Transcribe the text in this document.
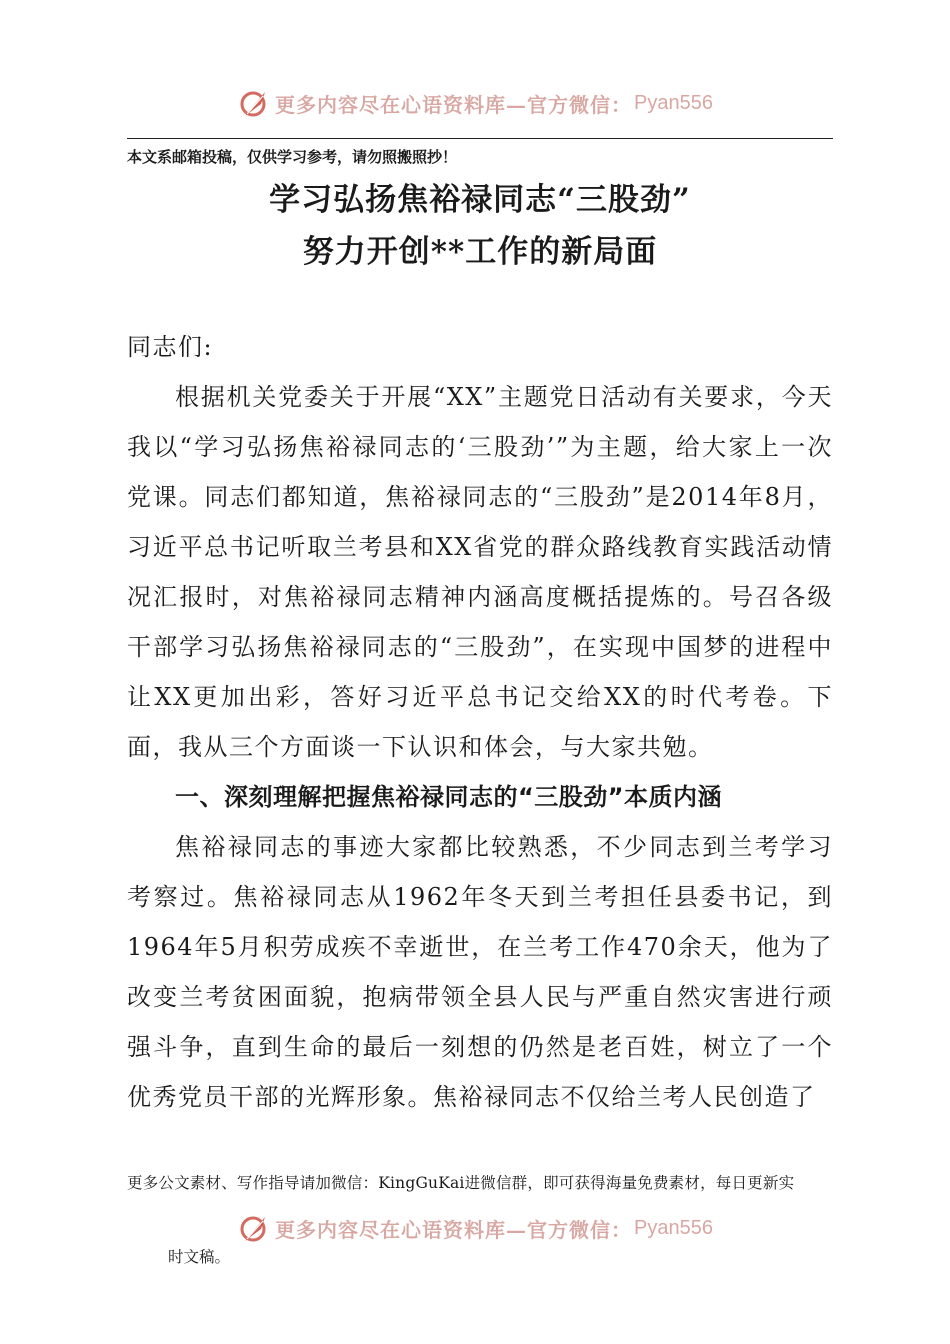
更多内容尽在心语资料库—官方微信： Pyan556
本文系邮箱投稿，仅供学习参考，请勿照搬照抄！
学习弘扬焦裕禄同志“三股劲”
努力开创**工作的新局面

同志们:

根据机关党委关于开展“XX”主题党日活动有关要求，今天我以“学习弘扬焦裕禄同志的‘三股劲’”为主题，给大家上一次党课。同志们都知道，焦裕禄同志的“三股劲”是2014年8月，习近平总书记听取兰考县和XX省党的群众路线教育实践活动情况汇报时，对焦裕禄同志精神内涵高度概括提炼的。号召各级干部学习弘扬焦裕禄同志的“三股劲”，在实现中国梦的进程中让XX更加出彩，答好习近平总书记交给XX的时代考卷。下面，我从三个方面谈一下认识和体会，与大家共勉。

一、深刻理解把握焦裕禄同志的“三股劲”本质内涵

焦裕禄同志的事迹大家都比较熟悉，不少同志到兰考学习考察过。焦裕禄同志从1962年冬天到兰考担任县委书记，到1964年5月积劳成疾不幸逝世，在兰考工作470余天，他为了改变兰考贫困面貌，抱病带领全县人民与严重自然灾害进行顽强斗争，直到生命的最后一刻想的仍然是老百姓，树立了一个优秀党员干部的光辉形象。焦裕禄同志不仅给兰考人民创造了

更多公文素材、写作指导请加微信：KingGuKai进微信群，即可获得海量免费素材，每日更新实
更多内容尽在心语资料库—官方微信： Pyan556
时文稿。
